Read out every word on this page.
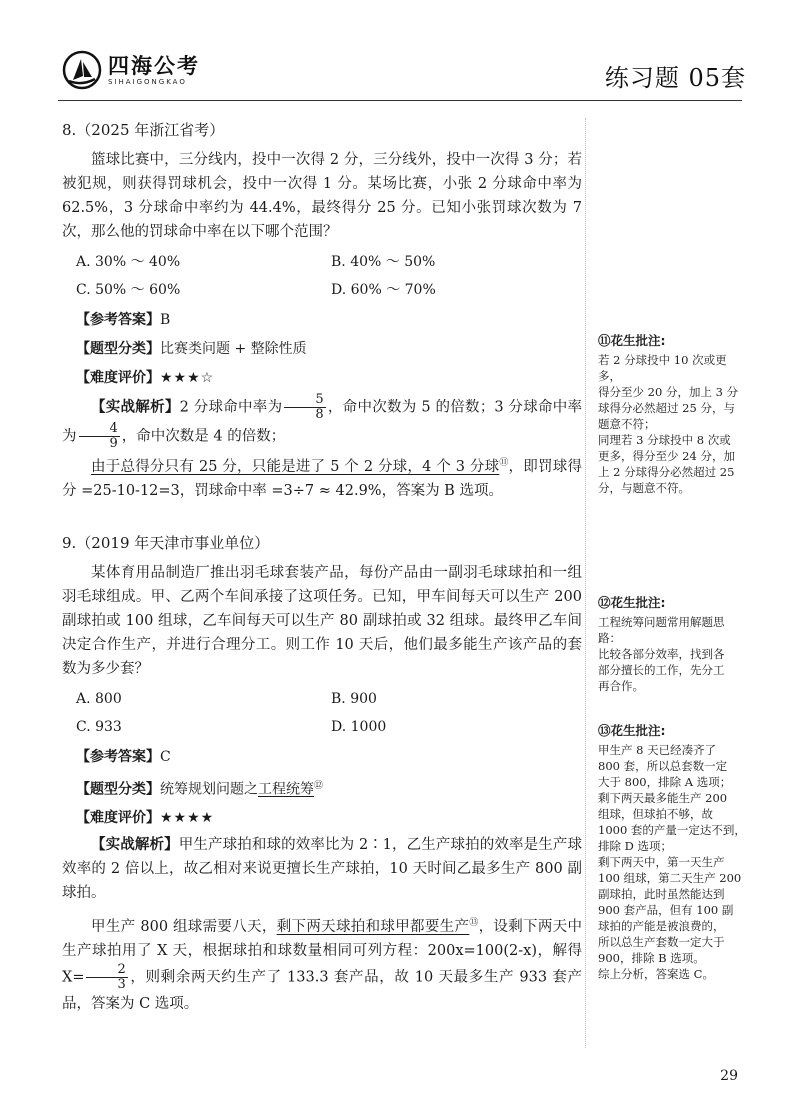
四海公考
SIHAIGONGKAO	练习题 05套
8.（2025 年浙江省考）

篮球比赛中，三分线内，投中一次得 2 分，三分线外，投中一次得 3 分；若被犯规，则获得罚球机会，投中一次得 1 分。某场比赛，小张 2 分球命中率为 62.5%，3 分球命中率约为 44.4%，最终得分 25 分。已知小张罚球次数为 7 次，那么他的罚球命中率在以下哪个范围？

A. 30% ～ 40%	B. 40% ～ 50%
C. 50% ～ 60%	D. 60% ～ 70%
【参考答案】B
【题型分类】比赛类问题 + 整除性质
【难度评价】★★★☆

【实战解析】2 分球命中率为 $\frac{5}{8}$ ，命中次数为 5 的倍数；3 分球命中率为 $\frac{4}{9}$ ，命中次数是 4 的倍数；

由于总得分只有 25 分，只能是进了 5 个 2 分球，4 个 3 分球⑪，即罚球得分 =25-10-12=3，罚球命中率 =3÷7 ≈ 42.9%，答案为 B 选项。

9.（2019 年天津市事业单位）

某体育用品制造厂推出羽毛球套装产品，每份产品由一副羽毛球球拍和一组羽毛球组成。甲、乙两个车间承接了这项任务。已知，甲车间每天可以生产 200 副球拍或 100 组球，乙车间每天可以生产 80 副球拍或 32 组球。最终甲乙车间决定合作生产，并进行合理分工。则工作 10 天后，他们最多能生产该产品的套数为多少套？

A. 800	B. 900
C. 933	D. 1000
【参考答案】C
【题型分类】统筹规划问题之工程统筹⑫
【难度评价】★★★★

【实战解析】甲生产球拍和球的效率比为 2∶1，乙生产球拍的效率是生产球效率的 2 倍以上，故乙相对来说更擅长生产球拍，10 天时间乙最多生产 800 副球拍。

甲生产 800 组球需要八天，剩下两天球拍和球甲都要生产⑬，设剩下两天中生产球拍用了 X 天，根据球拍和球数量相同可列方程：200x=100(2-x)，解得 $X= \frac{2}{3}$ ，则剩余两天约生产了 133.3 套产品，故 10 天最多生产 933 套产品，答案为 C 选项。

⑪花生批注:

若 2 分球投中 10 次或更多，

得分至少 20 分，加上 3 分

球得分必然超过 25 分，与

题意不符；

同理若 3 分球投中 8 次或

更多，得分至少 24 分，加

上 2 分球得分必然超过 25

分，与题意不符。

⑫花生批注:

工程统筹问题常用解题思

路：

比较各部分效率，找到各

部分擅长的工作，先分工

再合作。

⑬花生批注:

甲生产 8 天已经凑齐了

800 套，所以总套数一定

大于 800，排除 A 选项；

剩下两天最多能生产 200

组球，但球拍不够，故

1000 套的产量一定达不到，

排除 D 选项；

剩下两天中，第一天生产

100 组球，第二天生产 200

副球拍，此时虽然能达到

900 套产品，但有 100 副

球拍的产能是被浪费的，

所以总生产套数一定大于

900，排除 B 选项。

综上分析，答案选 C。

29
